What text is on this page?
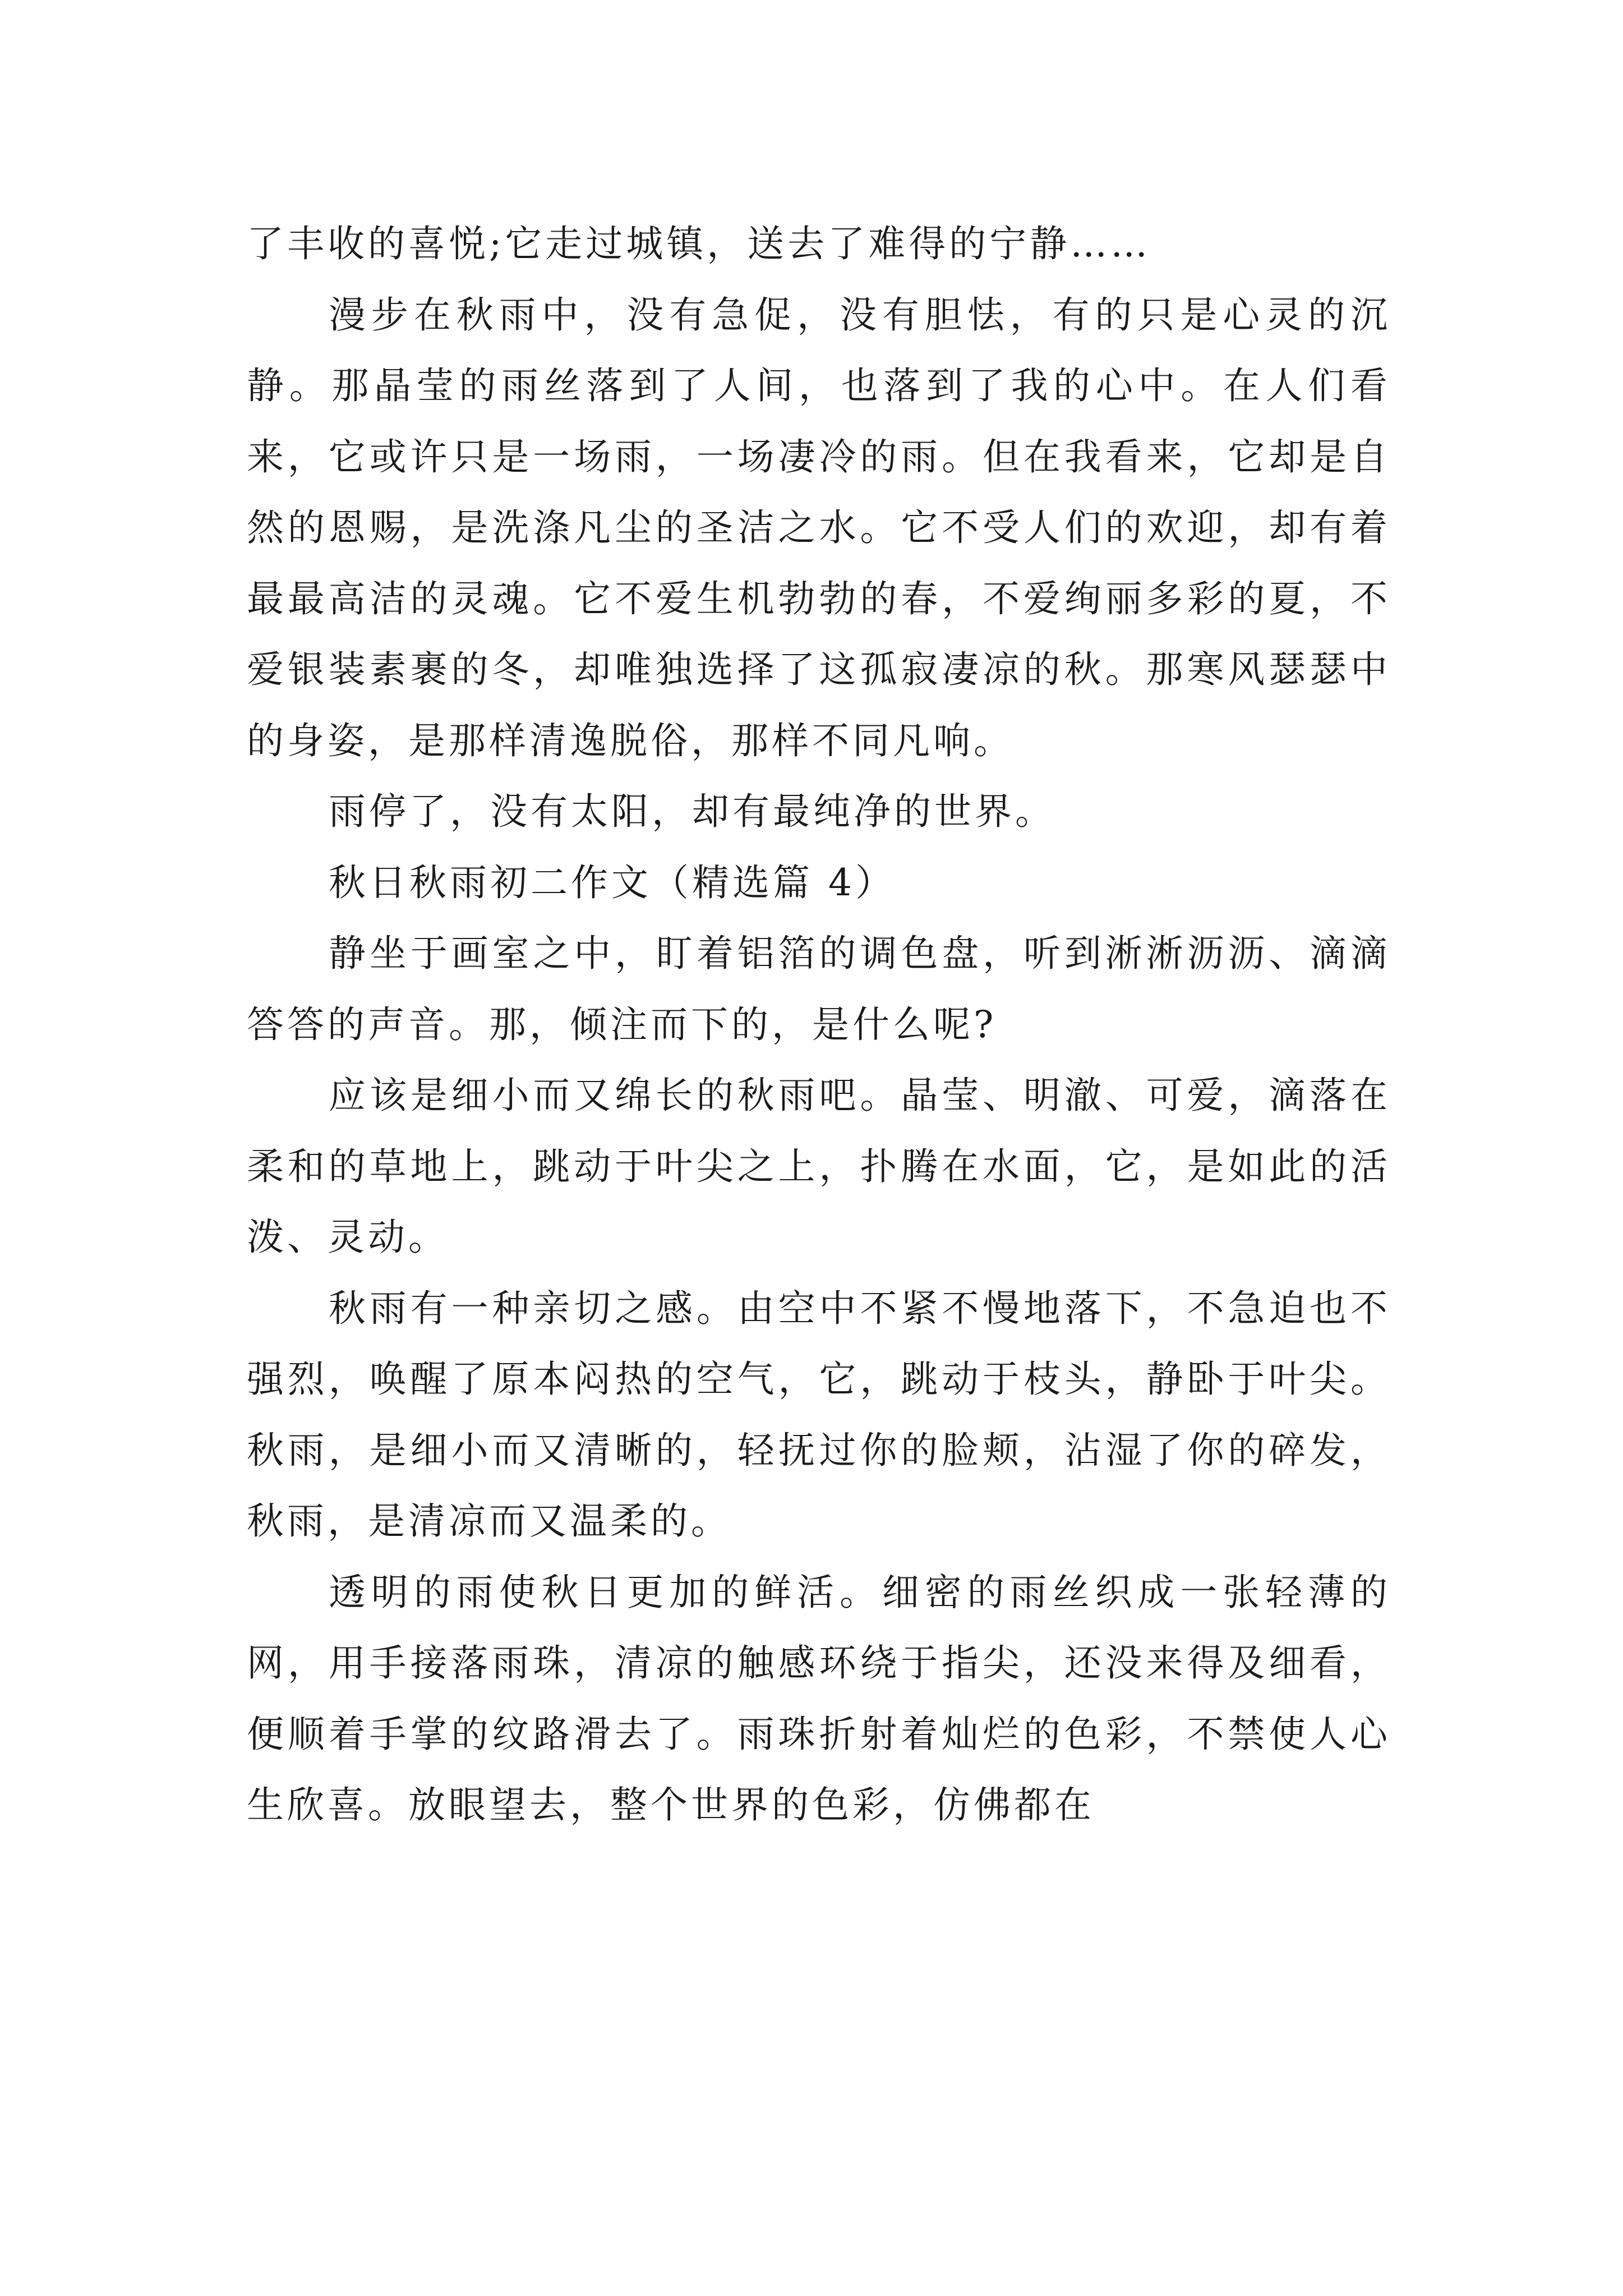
了丰收的喜悦;它走过城镇，送去了难得的宁静……

漫步在秋雨中，没有急促，没有胆怯，有的只是心灵的沉静。那晶莹的雨丝落到了人间，也落到了我的心中。在人们看来，它或许只是一场雨，一场凄冷的雨。但在我看来，它却是自然的恩赐，是洗涤凡尘的圣洁之水。它不受人们的欢迎，却有着最最高洁的灵魂。它不爱生机勃勃的春，不爱绚丽多彩的夏，不爱银装素裹的冬，却唯独选择了这孤寂凄凉的秋。那寒风瑟瑟中的身姿，是那样清逸脱俗，那样不同凡响。

雨停了，没有太阳，却有最纯净的世界。

秋日秋雨初二作文（精选篇 4）

静坐于画室之中，盯着铝箔的调色盘，听到淅淅沥沥、滴滴答答的声音。那，倾注而下的，是什么呢?

应该是细小而又绵长的秋雨吧。晶莹、明澈、可爱，滴落在柔和的草地上，跳动于叶尖之上，扑腾在水面，它，是如此的活泼、灵动。

秋雨有一种亲切之感。由空中不紧不慢地落下，不急迫也不强烈，唤醒了原本闷热的空气，它，跳动于枝头，静卧于叶尖。秋雨，是细小而又清晰的，轻抚过你的脸颊，沾湿了你的碎发，秋雨，是清凉而又温柔的。

透明的雨使秋日更加的鲜活。细密的雨丝织成一张轻薄的网，用手接落雨珠，清凉的触感环绕于指尖，还没来得及细看，便顺着手掌的纹路滑去了。雨珠折射着灿烂的色彩，不禁使人心生欣喜。放眼望去，整个世界的色彩，仿佛都在
